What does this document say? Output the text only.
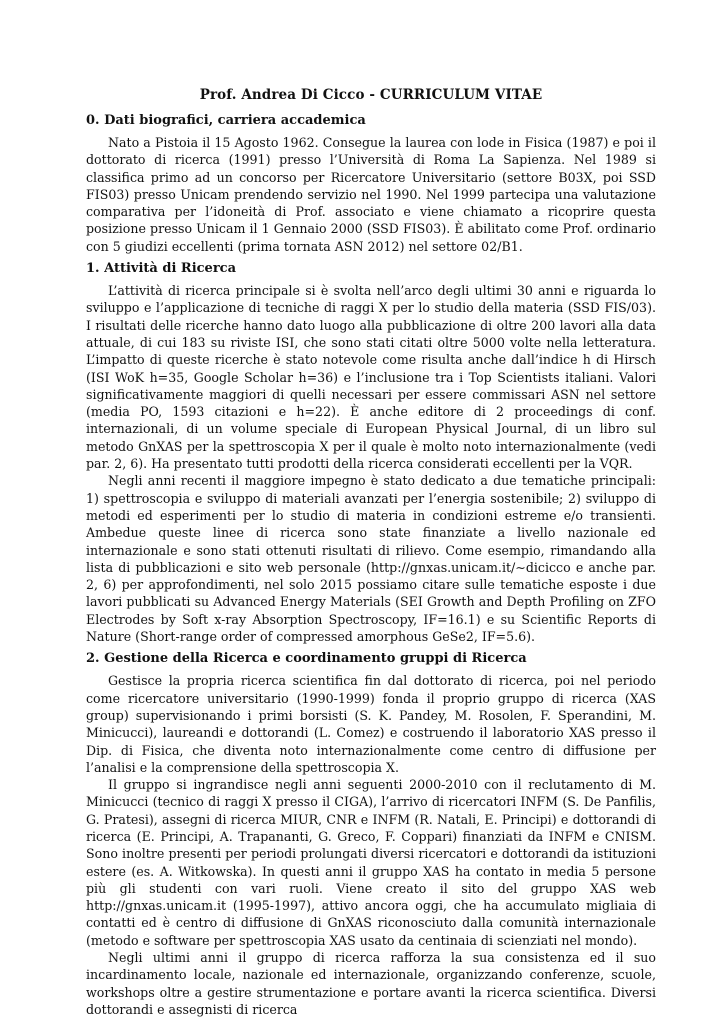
Prof. Andrea Di Cicco - CURRICULUM VITAE
0. Dati biografici, carriera accademica

Nato a Pistoia il 15 Agosto 1962. Consegue la laurea con lode in Fisica (1987) e poi il dottorato di ricerca (1991) presso l’Università di Roma La Sapienza. Nel 1989 si classifica primo ad un concorso per Ricercatore Universitario (settore B03X, poi SSD FIS03) presso Unicam prendendo servizio nel 1990. Nel 1999 partecipa una valutazione comparativa per l’idoneità di Prof. associato e viene chiamato a ricoprire questa posizione presso Unicam il 1 Gennaio 2000 (SSD FIS03). È abilitato come Prof. ordinario con 5 giudizi eccellenti (prima tornata ASN 2012) nel settore 02/B1.

1. Attività di Ricerca

L’attività di ricerca principale si è svolta nell’arco degli ultimi 30 anni e riguarda lo sviluppo e l’applicazione di tecniche di raggi X per lo studio della materia (SSD FIS/03). I risultati delle ricerche hanno dato luogo alla pubblicazione di oltre 200 lavori alla data attuale, di cui 183 su riviste ISI, che sono stati citati oltre 5000 volte nella letteratura. L’impatto di queste ricerche è stato notevole come risulta anche dall’indice h di Hirsch (ISI WoK h=35, Google Scholar h=36) e l’inclusione tra i Top Scientists italiani. Valori significativamente maggiori di quelli necessari per essere commissari ASN nel settore (media PO, 1593 citazioni e h=22). È anche editore di 2 proceedings di conf. internazionali, di un volume speciale di European Physical Journal, di un libro sul metodo GnXAS per la spettroscopia X per il quale è molto noto internazionalmente (vedi par. 2, 6). Ha presentato tutti prodotti della ricerca considerati eccellenti per la VQR.

Negli anni recenti il maggiore impegno è stato dedicato a due tematiche principali: 1) spettroscopia e sviluppo di materiali avanzati per l’energia sostenibile; 2) sviluppo di metodi ed esperimenti per lo studio di materia in condizioni estreme e/o transienti. Ambedue queste linee di ricerca sono state finanziate a livello nazionale ed internazionale e sono stati ottenuti risultati di rilievo. Come esempio, rimandando alla lista di pubblicazioni e sito web personale (http://gnxas.unicam.it/∼dicicco e anche par. 2, 6) per approfondimenti, nel solo 2015 possiamo citare sulle tematiche esposte i due lavori pubblicati su Advanced Energy Materials (SEI Growth and Depth Profiling on ZFO Electrodes by Soft x-ray Absorption Spectroscopy, IF=16.1) e su Scientific Reports di Nature (Short-range order of compressed amorphous GeSe2, IF=5.6).

2. Gestione della Ricerca e coordinamento gruppi di Ricerca

Gestisce la propria ricerca scientifica fin dal dottorato di ricerca, poi nel periodo come ricercatore universitario (1990-1999) fonda il proprio gruppo di ricerca (XAS group) supervisionando i primi borsisti (S. K. Pandey, M. Rosolen, F. Sperandini, M. Minicucci), laureandi e dottorandi (L. Comez) e costruendo il laboratorio XAS presso il Dip. di Fisica, che diventa noto internazionalmente come centro di diffusione per l’analisi e la comprensione della spettroscopia X.

Il gruppo si ingrandisce negli anni seguenti 2000-2010 con il reclutamento di M. Minicucci (tecnico di raggi X presso il CIGA), l’arrivo di ricercatori INFM (S. De Panfilis, G. Pratesi), assegni di ricerca MIUR, CNR e INFM (R. Natali, E. Principi) e dottorandi di ricerca (E. Principi, A. Trapananti, G. Greco, F. Coppari) finanziati da INFM e CNISM. Sono inoltre presenti per periodi prolungati diversi ricercatori e dottorandi da istituzioni estere (es. A. Witkowska). In questi anni il gruppo XAS ha contato in media 5 persone più gli studenti con vari ruoli. Viene creato il sito del gruppo XAS web http://gnxas.unicam.it (1995-1997), attivo ancora oggi, che ha accumulato migliaia di contatti ed è centro di diffusione di GnXAS riconosciuto dalla comunità internazionale (metodo e software per spettroscopia XAS usato da centinaia di scienziati nel mondo).

Negli ultimi anni il gruppo di ricerca rafforza la sua consistenza ed il suo incardinamento locale, nazionale ed internazionale, organizzando conferenze, scuole, workshops oltre a gestire strumentazione e portare avanti la ricerca scientifica. Diversi dottorandi e assegnisti di ricerca
